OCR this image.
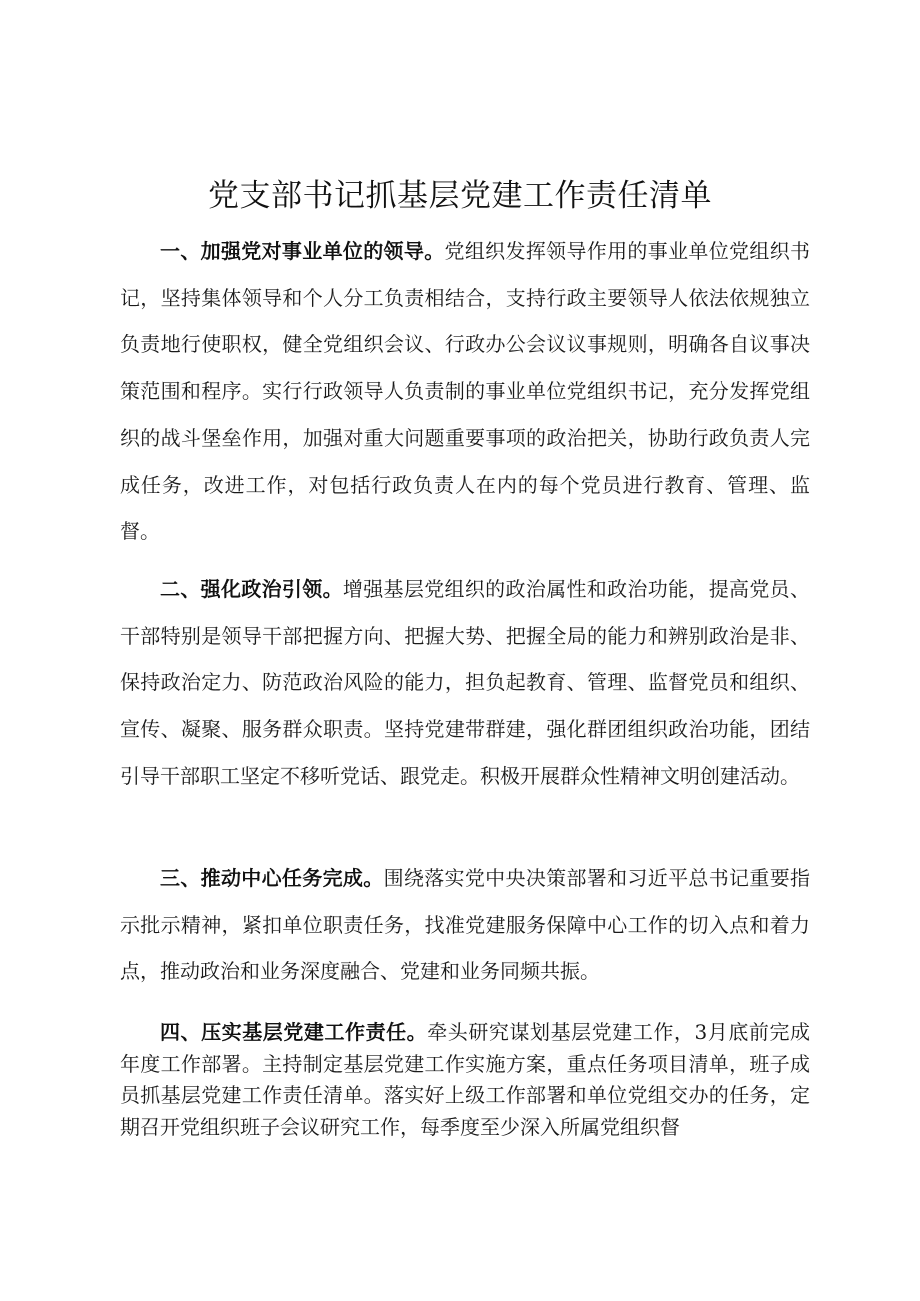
党支部书记抓基层党建工作责任清单

一、加强党对事业单位的领导。党组织发挥领导作用的事业单位党组织书记，坚持集体领导和个人分工负责相结合，支持行政主要领导人依法依规独立负责地行使职权，健全党组织会议、行政办公会议议事规则，明确各自议事决策范围和程序。实行行政领导人负责制的事业单位党组织书记，充分发挥党组织的战斗堡垒作用，加强对重大问题重要事项的政治把关，协助行政负责人完成任务，改进工作，对包括行政负责人在内的每个党员进行教育、管理、监督。

二、强化政治引领。增强基层党组织的政治属性和政治功能，提高党员、干部特别是领导干部把握方向、把握大势、把握全局的能力和辨别政治是非、保持政治定力、防范政治风险的能力，担负起教育、管理、监督党员和组织、宣传、凝聚、服务群众职责。坚持党建带群建，强化群团组织政治功能，团结引导干部职工坚定不移听党话、跟党走。积极开展群众性精神文明创建活动。

三、推动中心任务完成。围绕落实党中央决策部署和习近平总书记重要指示批示精神，紧扣单位职责任务，找准党建服务保障中心工作的切入点和着力点，推动政治和业务深度融合、党建和业务同频共振。

四、压实基层党建工作责任。牵头研究谋划基层党建工作，3月底前完成年度工作部署。主持制定基层党建工作实施方案，重点任务项目清单，班子成员抓基层党建工作责任清单。落实好上级工作部署和单位党组交办的任务，定期召开党组织班子会议研究工作，每季度至少深入所属党组织督
